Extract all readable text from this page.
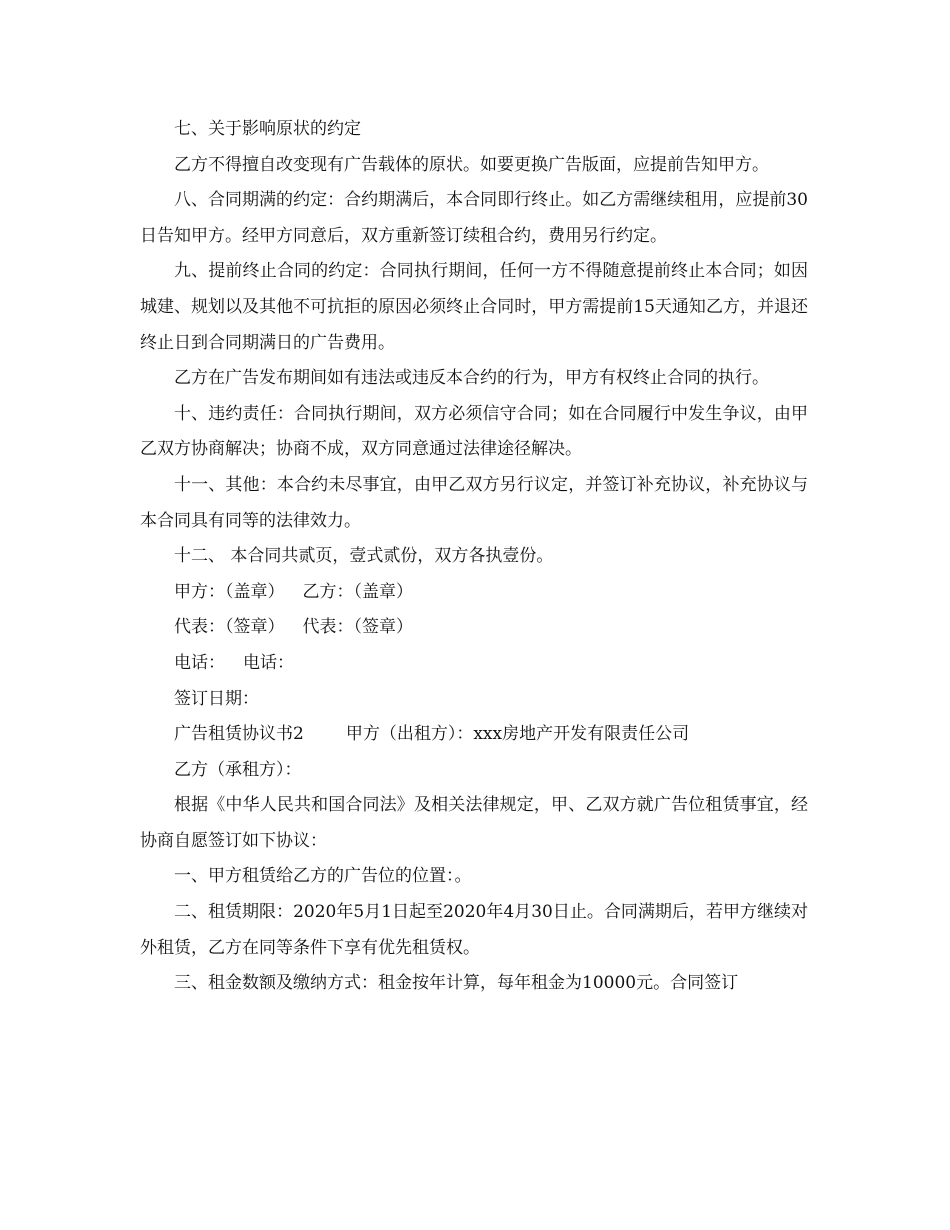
七、关于影响原状的约定

乙方不得擅自改变现有广告载体的原状。如要更换广告版面，应提前告知甲方。

八、合同期满的约定：合约期满后，本合同即行终止。如乙方需继续租用，应提前30日告知甲方。经甲方同意后，双方重新签订续租合约，费用另行约定。

九、提前终止合同的约定：合同执行期间，任何一方不得随意提前终止本合同；如因城建、规划以及其他不可抗拒的原因必须终止合同时，甲方需提前15天通知乙方，并退还终止日到合同期满日的广告费用。

乙方在广告发布期间如有违法或违反本合约的行为，甲方有权终止合同的执行。

十、违约责任：合同执行期间，双方必须信守合同；如在合同履行中发生争议，由甲乙双方协商解决；协商不成，双方同意通过法律途径解决。

十一、其他：本合约未尽事宜，由甲乙双方另行议定，并签订补充协议，补充协议与本合同具有同等的法律效力。

十二、 本合同共贰页，壹式贰份，双方各执壹份。

甲方：（盖章） 乙方：（盖章）

代表：（签章） 代表：（签章）

电话： 电话：

签订日期：

广告租赁协议书2 甲方（出租方）：xxx房地产开发有限责任公司

乙方（承租方）：

根据《中华人民共和国合同法》及相关法律规定，甲、乙双方就广告位租赁事宜，经协商自愿签订如下协议：

一、甲方租赁给乙方的广告位的位置：。

二、租赁期限：2020年5月1日起至2020年4月30日止。合同满期后，若甲方继续对外租赁，乙方在同等条件下享有优先租赁权。

三、租金数额及缴纳方式：租金按年计算，每年租金为10000元。合同签订
